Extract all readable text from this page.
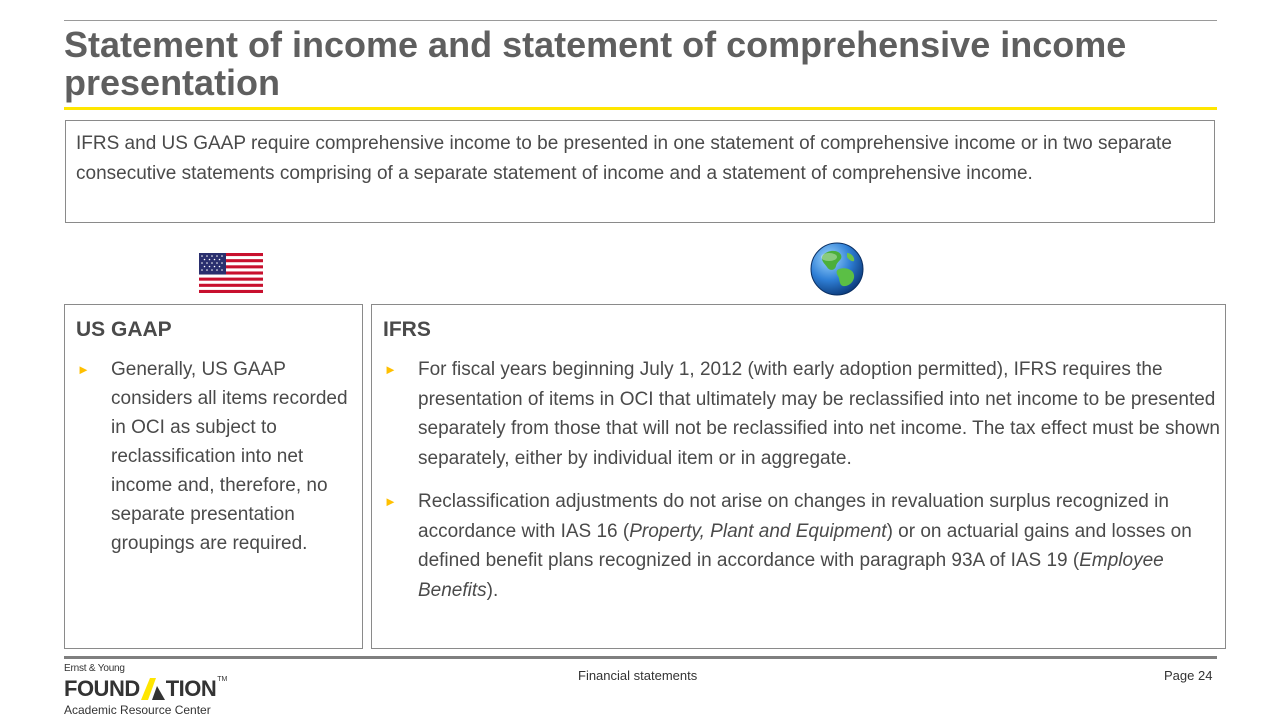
Statement of income and statement of comprehensive income presentation
IFRS and US GAAP require comprehensive income to be presented in one statement of comprehensive income or in two separate consecutive statements comprising of a separate statement of income and a statement of comprehensive income.
US GAAP
► Generally, US GAAP considers all items recorded in OCI as subject to reclassification into net income and, therefore, no separate presentation groupings are required.
IFRS
► For fiscal years beginning July 1, 2012 (with early adoption permitted), IFRS requires the presentation of items in OCI that ultimately may be reclassified into net income to be presented separately from those that will not be reclassified into net income. The tax effect must be shown separately, either by individual item or in aggregate.
► Reclassification adjustments do not arise on changes in revaluation surplus recognized in accordance with IAS 16 (Property, Plant and Equipment) or on actuarial gains and losses on defined benefit plans recognized in accordance with paragraph 93A of IAS 19 (Employee Benefits).
Ernst & Young
FOUND TION TM
Academic Resource Center
Financial statements	Page 24
